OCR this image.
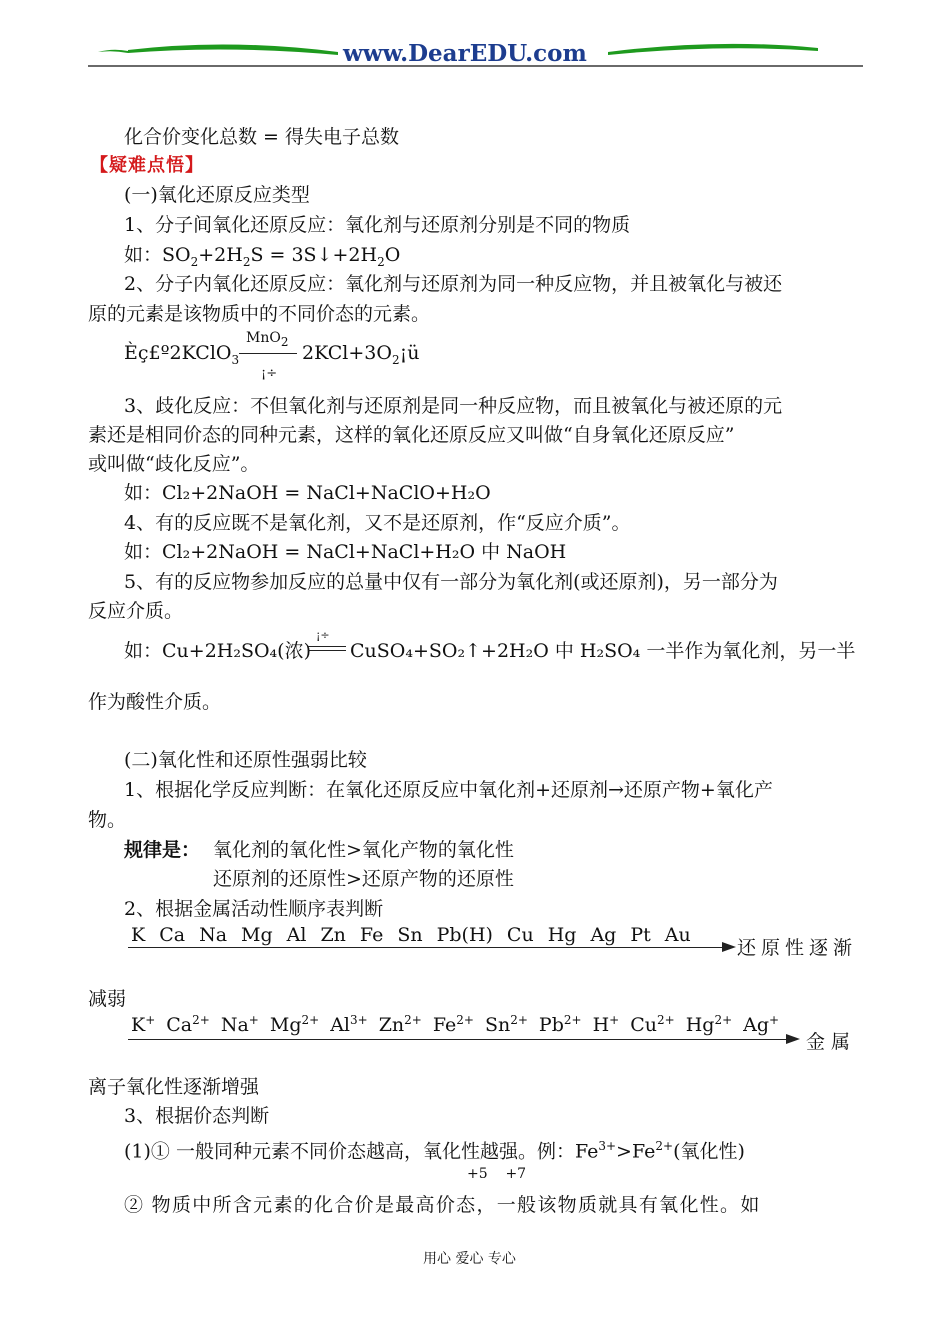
www.DearEDU.com
化合价变化总数 = 得失电子总数
【疑难点悟】
(一)氧化还原反应类型
1、分子间氧化还原反应：氧化剂与还原剂分别是不同的物质
如：$SO_2+2H_2S$ = $3S↓+2H_2O$
2、分子内氧化还原反应：氧化剂与还原剂为同一种反应物，并且被氧化与被还
原的元素是该物质中的不同价态的元素。
Èç£º2KClO$_3$
MnO$_2$
¡÷
$2KCl+3O_2¡ü$
3、歧化反应：不但氧化剂与还原剂是同一种反应物，而且被氧化与被还原的元
素还是相同价态的同种元素，这样的氧化还原反应又叫做“自身氧化还原反应”
或叫做“歧化反应”。
如：Cl₂+2NaOH = NaCl+NaClO+H₂O
4、有的反应既不是氧化剂，又不是还原剂，作“反应介质”。
如：Cl₂+2NaOH = NaCl+NaCl+H₂O 中 NaOH
5、有的反应物参加反应的总量中仅有一部分为氧化剂(或还原剂)，另一部分为
反应介质。
如：Cu+2H₂SO₄(浓)
¡÷
CuSO₄+SO₂↑+2H₂O 中 H₂SO₄ 一半作为氧化剂，另一半
作为酸性介质。
(二)氧化性和还原性强弱比较
1、根据化学反应判断：在氧化还原反应中氧化剂+还原剂→还原产物+氧化产
物。
规律是： 氧化剂的氧化性>氧化产物的氧化性
还原剂的还原性>还原产物的还原性
2、根据金属活动性顺序表判断
K Ca Na Mg Al Zn Fe Sn Pb(H) Cu Hg Ag Pt Au
还原性逐渐
减弱
K+ $Ca^{2+}$ Na+ $Mg^{2+}$ $Al^{3+}$ $Zn^{2+}$ $Fe^{2+}$ $Sn^{2+}$ $Pb^{2+}$ H+ $Cu^{2+}$ $Hg^{2+}$ Ag+
金 属
离子氧化性逐渐增强
3、根据价态判断
(1)① 一般同种元素不同价态越高，氧化性越强。例：$Fe^{3+}>Fe^{2+}$(氧化性)
+5    +7
② 物质中所含元素的化合价是最高价态，一般该物质就具有氧化性。如
用心 爱心 专心
